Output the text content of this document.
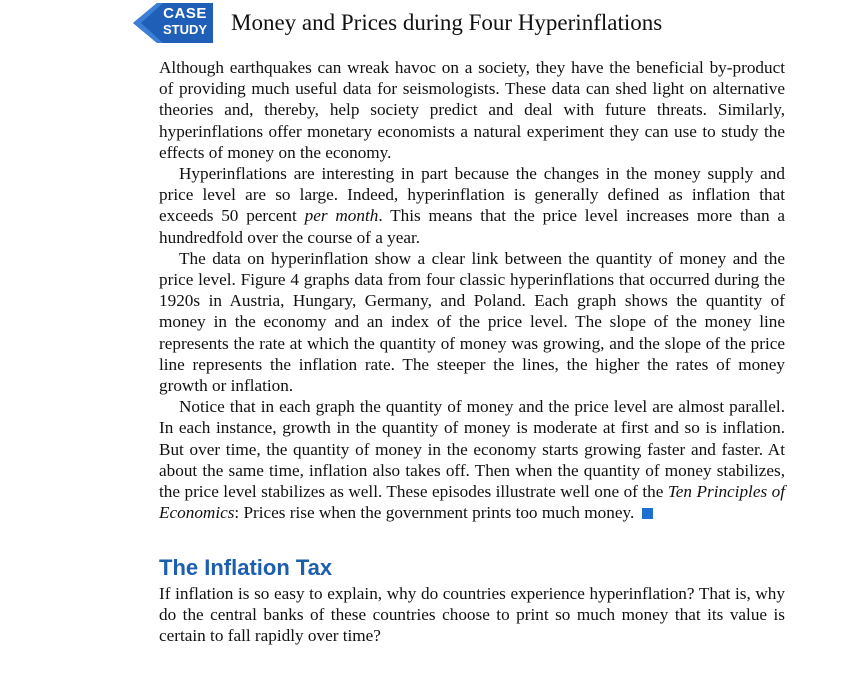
CASE
STUDY Money and Prices during Four Hyperinflations

Although earthquakes can wreak havoc on a society, they have the beneficial by-product of providing much useful data for seismologists. These data can shed light on alternative theories and, thereby, help society predict and deal with future threats. Similarly, hyperinflations offer monetary economists a natural experiment they can use to study the effects of money on the economy.

Hyperinflations are interesting in part because the changes in the money supply and price level are so large. Indeed, hyperinflation is generally defined as inflation that exceeds 50 percent per month. This means that the price level increases more than a hundredfold over the course of a year.

The data on hyperinflation show a clear link between the quantity of money and the price level. Figure 4 graphs data from four classic hyperinflations that occurred during the 1920s in Austria, Hungary, Germany, and Poland. Each graph shows the quantity of money in the economy and an index of the price level. The slope of the money line represents the rate at which the quantity of money was growing, and the slope of the price line represents the inflation rate. The steeper the lines, the higher the rates of money growth or inflation.

Notice that in each graph the quantity of money and the price level are almost parallel. In each instance, growth in the quantity of money is moderate at first and so is inflation. But over time, the quantity of money in the economy starts growing faster and faster. At about the same time, inflation also takes off. Then when the quantity of money stabilizes, the price level stabilizes as well. These episodes illustrate well one of the Ten Principles of Economics: Prices rise when the government prints too much money.

The Inflation Tax

If inflation is so easy to explain, why do countries experience hyperinflation? That is, why do the central banks of these countries choose to print so much money that its value is certain to fall rapidly over time?
